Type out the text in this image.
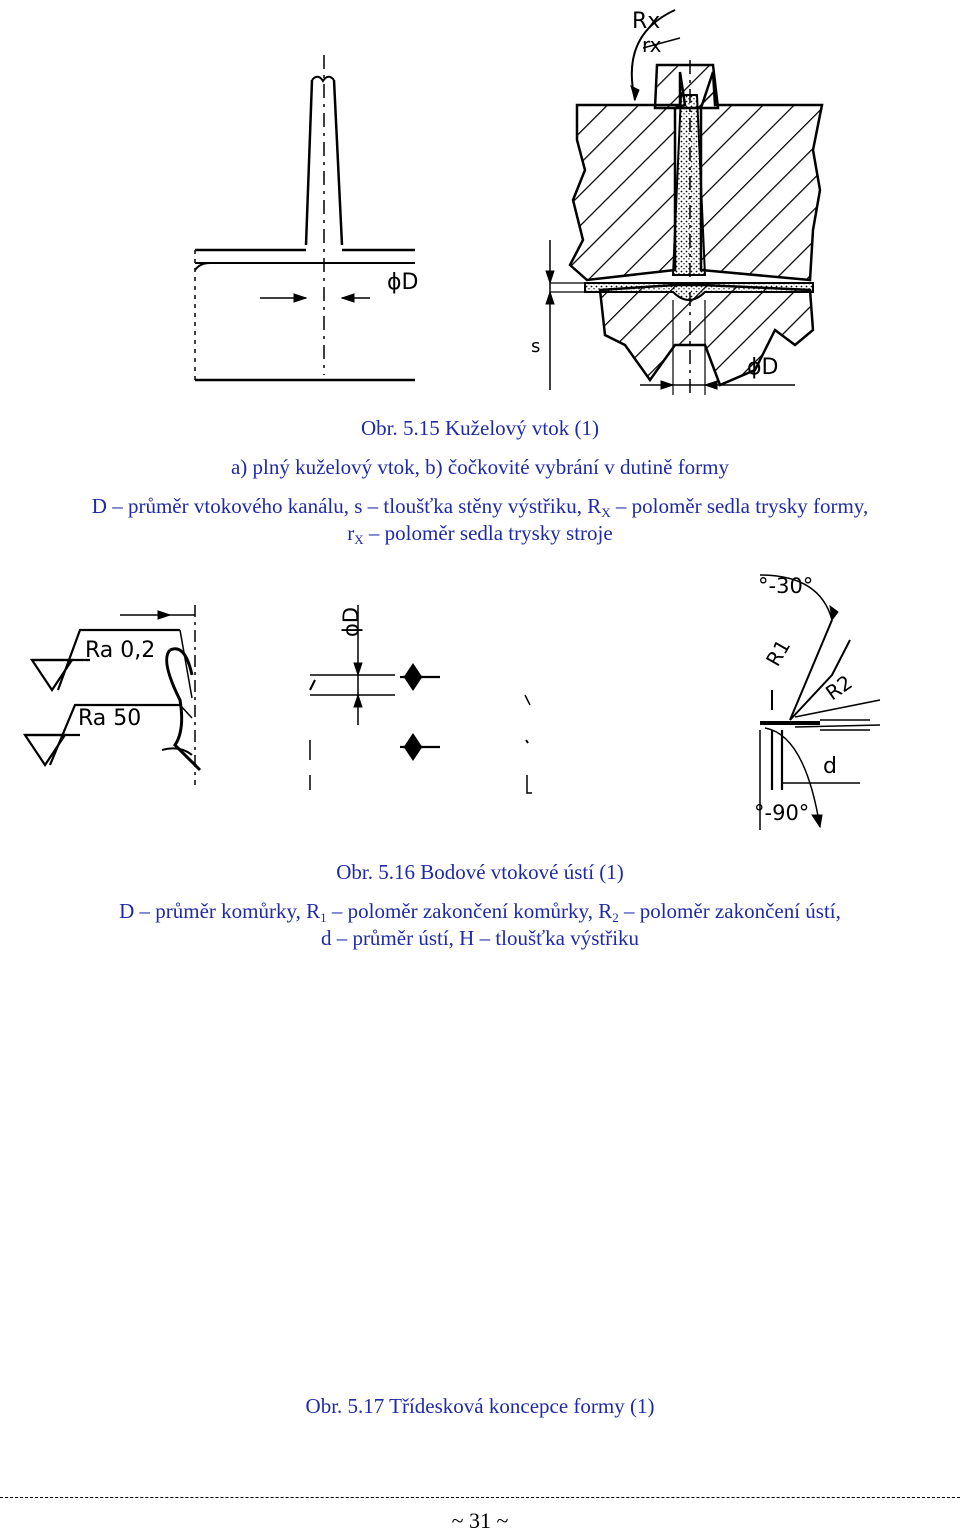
ϕD
Rx
rx
ϕD
s
Obr. 5.15 Kuželový vtok (1)
a) plný kuželový vtok, b) čočkovité vybrání v dutině formy
D – průměr vtokového kanálu, s – tloušťka stěny výstřiku, $R_X$ – poloměr sedla trysky formy,
$r_X$ – poloměr sedla trysky stroje
Ra 0,2
Ra 50
ϕD
°-30°
R1
R2
d
°-90°
Obr. 5.16 Bodové vtokové ústí (1)
D – průměr komůrky, $R_1$ – poloměr zakončení komůrky, $R_2$ – poloměr zakončení ústí,
d – průměr ústí, H – tloušťka výstřiku
Obr. 5.17 Třídesková koncepce formy (1)
~ 31 ~
